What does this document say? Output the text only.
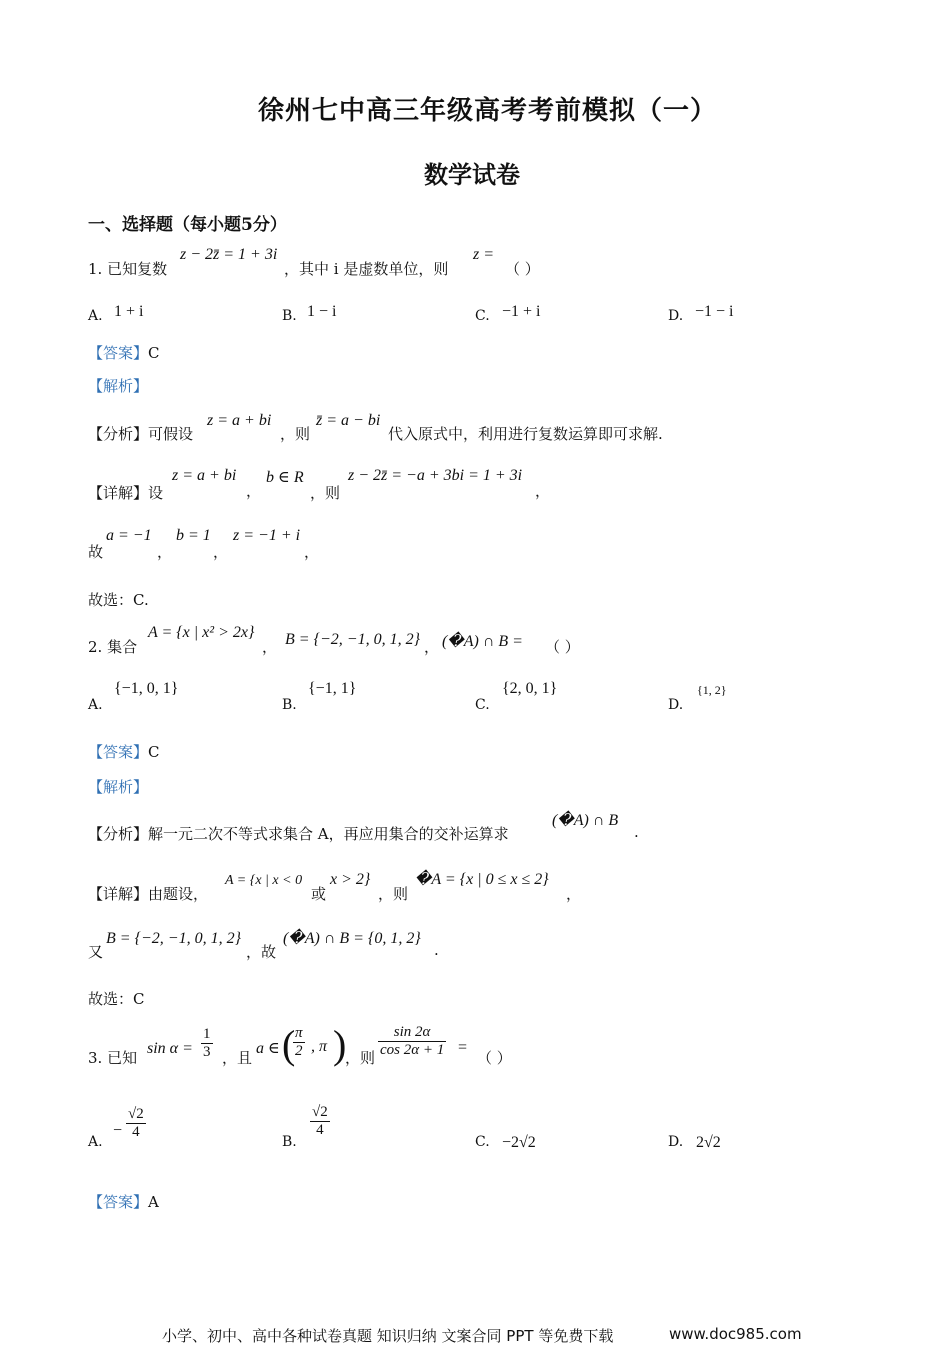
徐州七中高三年级高考考前模拟（一）
数学试卷
一、选择题（每小题5分）
1. 已知复数
z − 2z̄ = 1 + 3i
，其中 i 是虚数单位，则
z =
（ ）
A. 1 + i	B. 1 − i	C. −1 + i	D. −1 − i
【答案】C
【解析】
【分析】可假设
z = a + bi
，则
z̄ = a − bi
代入原式中，利用进行复数运算即可求解.
【详解】设
z = a + bi
，
b ∈ R
，则
z − 2z̄ = −a + 3bi = 1 + 3i
，
故
a = −1
，
b = 1
，
z = −1 + i
，
故选：C.
2. 集合
A = {x | x² > 2x}
， B = {−2, −1, 0, 1, 2} ， (�A) ∩ B = （ ）
A.
{−1, 0, 1}
B.
{−1, 1}
C.
{2, 0, 1}
D.
{1, 2}
【答案】C
【解析】
【分析】解一元二次不等式求集合 A，再应用集合的交补运算求
(�A) ∩ B
.
【详解】由题设，
A = {x | x < 0
或
x > 2}
，则
�A = {x | 0 ≤ x ≤ 2}
，
又
B = {−2, −1, 0, 1, 2}
，故
(�A) ∩ B = {0, 1, 2}
.
故选：C
3. 已知
$\sin \alpha = \frac{1}{3}$ ，且
a ∈ (
$\frac{\pi}{2}$ , π )
，则 $\frac{\sin 2\alpha}{\cos 2\alpha + 1}$ =
（ ）
A.
− $\frac{√2}{4}$
B.
$\frac{√2}{4}$
C. −2√2	D. 2√2
【答案】A
小学、初中、高中各种试卷真题 知识归纳 文案合同 PPT 等免费下载	www.doc985.com
